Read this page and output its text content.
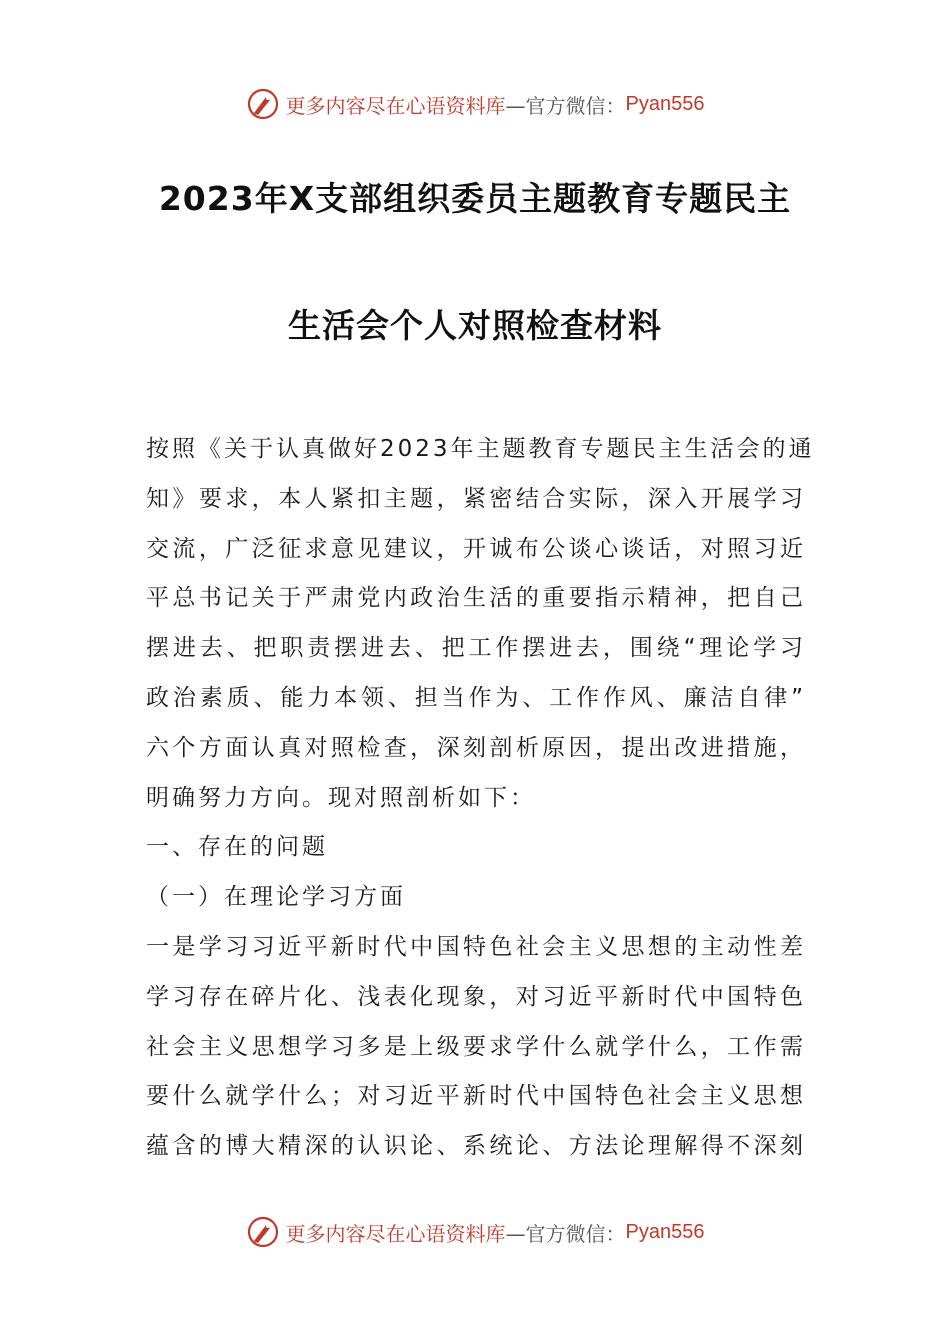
更多内容尽在心语资料库 —官方微信： Pyan556
2023年X支部组织委员主题教育专题民主
生活会个人对照检查材料
按照《关于认真做好2023年主题教育专题民主生活会的通
知》要求，本人紧扣主题，紧密结合实际，深入开展学习
交流，广泛征求意见建议，开诚布公谈心谈话，对照习近
平总书记关于严肃党内政治生活的重要指示精神，把自己
摆进去、把职责摆进去、把工作摆进去，围绕“理论学习
政治素质、能力本领、担当作为、工作作风、廉洁自律”
六个方面认真对照检查，深刻剖析原因，提出改进措施，
明确努力方向。现对照剖析如下：
一、存在的问题
（一）在理论学习方面
一是学习习近平新时代中国特色社会主义思想的主动性差
学习存在碎片化、浅表化现象，对习近平新时代中国特色
社会主义思想学习多是上级要求学什么就学什么，工作需
要什么就学什么；对习近平新时代中国特色社会主义思想
蕴含的博大精深的认识论、系统论、方法论理解得不深刻
更多内容尽在心语资料库 —官方微信： Pyan556
